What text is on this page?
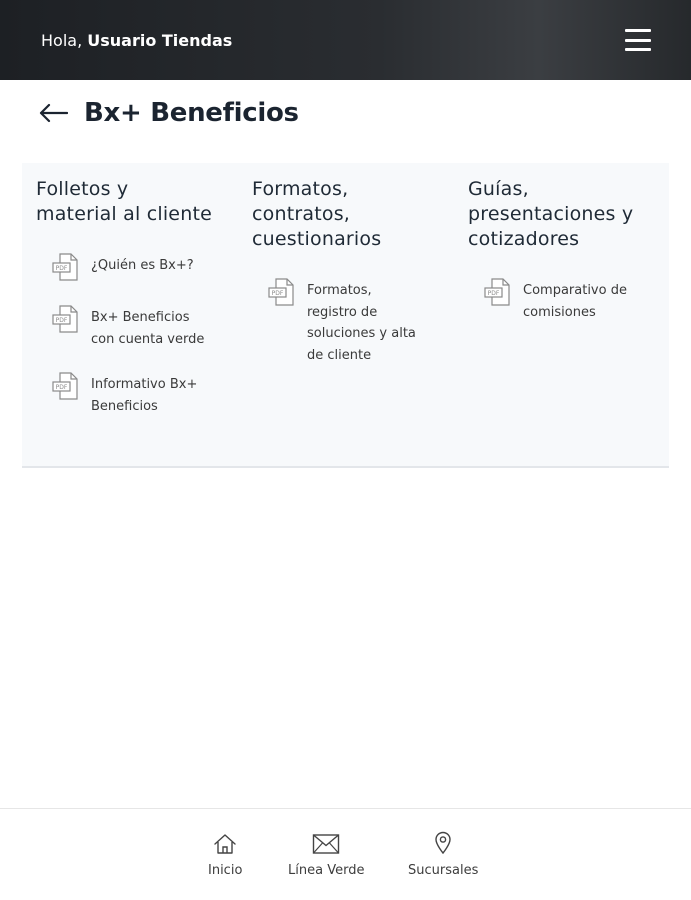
Hola, Usuario Tiendas
Bx+ Beneficios
Folletos y
material al cliente
PDF ¿Quién es Bx+?
PDF Bx+ Beneficios
con cuenta verde
PDF Informativo Bx+
Beneficios
Formatos,
contratos,
cuestionarios
PDF Formatos,
registro de
soluciones y alta
de cliente
Guías,
presentaciones y
cotizadores
PDF Comparativo de
comisiones
Inicio	Línea Verde	Sucursales
